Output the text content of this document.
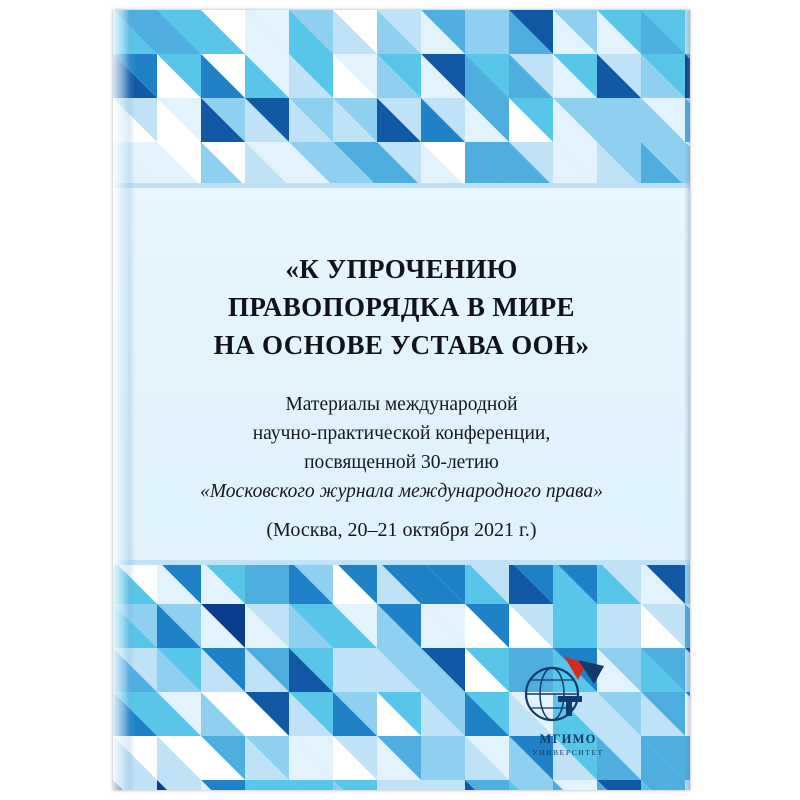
«К УПРОЧЕНИЮ
ПРАВОПОРЯДКА В МИРЕ
НА ОСНОВЕ УСТАВА ООН»
Материалы международной
научно-практической конференции,
посвященной 30-летию
«Московского журнала международного права»
(Москва, 20–21 октября 2021 г.)
МГИМО
УНИВЕРСИТЕТ
